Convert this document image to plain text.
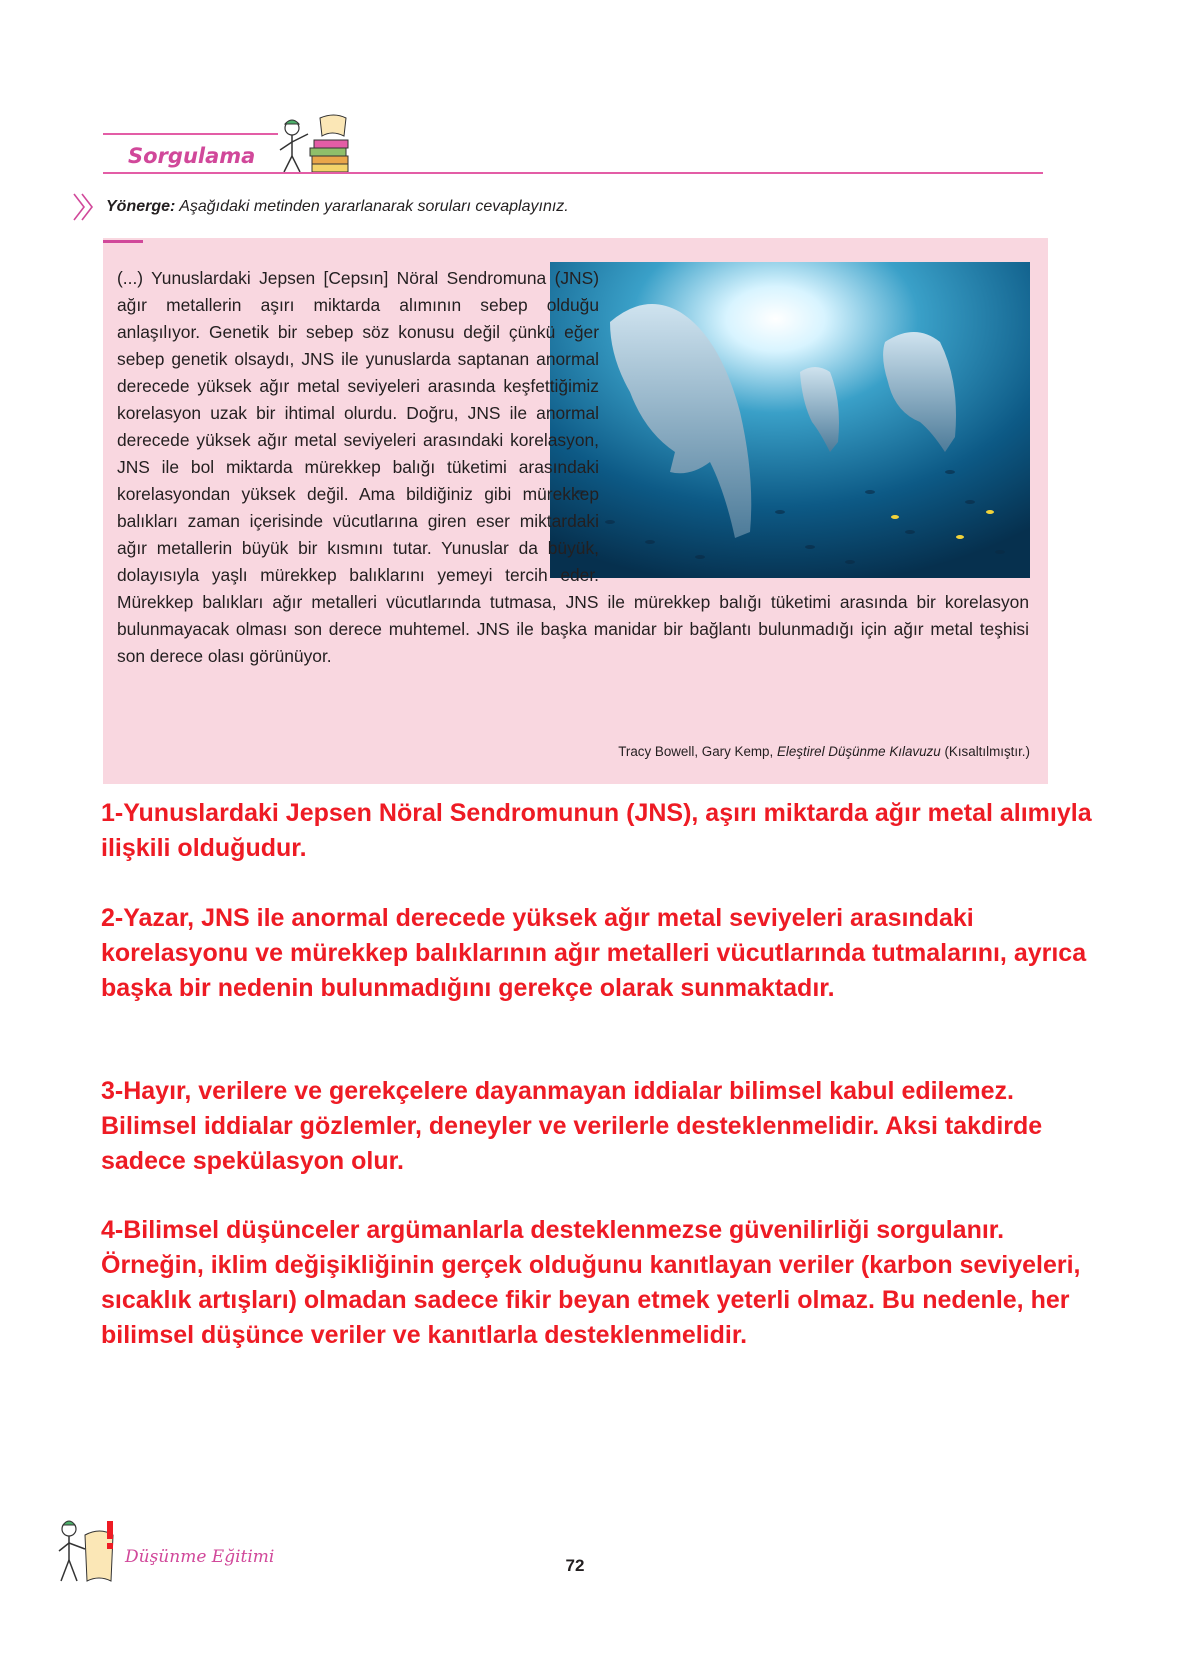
Sorgulama
Yönerge: Aşağıdaki metinden yararlanarak soruları cevaplayınız.
(...) Yunuslardaki Jepsen [Cepsın] Nöral Sendromuna (JNS) ağır metallerin aşırı miktarda alımının sebep olduğu anlaşılıyor. Genetik bir sebep söz konusu değil çünkü eğer sebep genetik olsaydı, JNS ile yunuslarda saptanan anormal derecede yüksek ağır metal seviyeleri arasında keşfettiğimiz korelasyon uzak bir ihtimal olurdu. Doğru, JNS ile anormal derecede yüksek ağır metal seviyeleri arasındaki korelasyon, JNS ile bol miktarda mürekkep balığı tüketimi arasındaki korelasyondan yüksek değil. Ama bildiğiniz gibi mürekkep balıkları zaman içerisinde vücutlarına giren eser miktardaki ağır metallerin büyük bir kısmını tutar. Yunuslar da büyük, dolayısıyla yaşlı mürekkep balıklarını yemeyi tercih eder. Mürekkep balıkları ağır metalleri vücutlarında tutmasa, JNS ile mürekkep balığı tüketimi arasında bir korelasyon bulunmayacak olması son derece muhtemel. JNS ile başka manidar bir bağlantı bulunmadığı için ağır metal teşhisi son derece olası görünüyor.
Tracy Bowell, Gary Kemp, Eleştirel Düşünme Kılavuzu (Kısaltılmıştır.)
1-Yunuslardaki Jepsen Nöral Sendromunun (JNS), aşırı miktarda ağır metal alımıyla ilişkili olduğudur.
2-Yazar, JNS ile anormal derecede yüksek ağır metal seviyeleri arasındaki korelasyonu ve mürekkep balıklarının ağır metalleri vücutlarında tutmalarını, ayrıca başka bir nedenin bulunmadığını gerekçe olarak sunmaktadır.
3-Hayır, verilere ve gerekçelere dayanmayan iddialar bilimsel kabul edilemez. Bilimsel iddialar gözlemler, deneyler ve verilerle desteklenmelidir. Aksi takdirde sadece spekülasyon olur.
4-Bilimsel düşünceler argümanlarla desteklenmezse güvenilirliği sorgulanır. Örneğin, iklim değişikliğinin gerçek olduğunu kanıtlayan veriler (karbon seviyeleri, sıcaklık artışları) olmadan sadece fikir beyan etmek yeterli olmaz. Bu nedenle, her bilimsel düşünce veriler ve kanıtlarla desteklenmelidir.
Düşünme Eğitimi	72
